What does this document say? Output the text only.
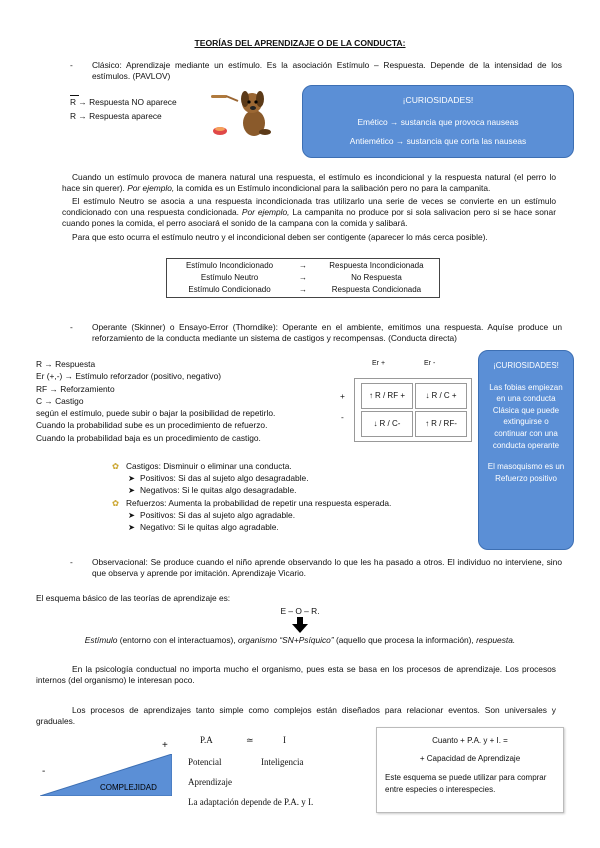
TEORÍAS DEL APRENDIZAJE O DE LA CONDUCTA:
- Clásico: Aprendizaje mediante un estímulo. Es la asociación Estímulo – Respuesta. Depende de la intensidad de los estímulos. (PAVLOV)
R → Respuesta NO aparece
R → Respuesta aparece
¡CURIOSIDADES!
Emético → sustancia que provoca nauseas
Antiemético → sustancia que corta las nauseas
Cuando un estímulo provoca de manera natural una respuesta, el estímulo es incondicional y la respuesta natural (el perro lo hace sin querer). Por ejemplo, la comida es un Estímulo incondicional para la salibación pero no para la campanita.
El estímulo Neutro se asocia a una respuesta incondicionada tras utilizarlo una serie de veces se convierte en un estímulo condicionado con una respuesta condicionada. Por ejemplo, La campanita no produce por si sola salivacion pero si se hace sonar cuando pones la comida, el perro asociará el sonido de la campana con la comida y salibará.
Para que esto ocurra el estímulo neutro y el incondicional deben ser contigente (aparecer lo más cerca posible).
Estímulo Incondicionado	→	Respuesta Incondicionada
Estímulo Neutro	→	No Respuesta
Estímulo Condicionado	→	Respuesta Condicionada
- Operante (Skinner) o Ensayo-Error (Thorndike): Operante en el ambiente, emitimos una respuesta. Aquíse produce un reforzamiento de la conducta mediante un sistema de castigos y recompensas. (Conducta directa)
R → Respuesta
Er (+,-) → Estímulo reforzador (positivo, negativo)
RF → Reforzamiento
C → Castigo
según el estímulo, puede subir o bajar la posibilidad de repetirlo.
Cuando la probabilidad sube es un procedimiento de refuerzo.
Cuando la probabilidad baja es un procedimiento de castigo.
Er +	Er -
+
-
↑ R / RF +	↓ R / C +
↓ R / C-	↑ R / RF-
¡CURIOSIDADES!
Las fobias empiezan en una conducta Clásica que puede extinguirse o continuar con una conducta operante
El masoquismo es un Refuerzo positivo
✿ Castigos: Disminuir o eliminar una conducta.
➤ Positivos: Si das al sujeto algo desagradable.
➤ Negativos: Si le quitas algo desagradable.
✿ Refuerzos: Aumenta la probabilidad de repetir una respuesta esperada.
➤ Positivos: Si das al sujeto algo agradable.
➤ Negativo: Si le quitas algo agradable.
- Observacional: Se produce cuando el niño aprende observando lo que les ha pasado a otros. El individuo no interviene, sino que observa y aprende por imitación. Aprendizaje Vicario.
El esquema básico de las teorías de aprendizaje es:
E – O – R.
Estímulo (entorno con el interactuamos), organismo “SN+Psíquico” (aquello que procesa la información), respuesta.
En la psicología conductual no importa mucho el organismo, pues esta se basa en los procesos de aprendizaje. Los procesos internos (del organismo) le interesan poco.
Los procesos de aprendizajes tanto simple como complejos están diseñados para relacionar eventos. Son universales y graduales.
+
-
COMPLEJIDAD
P.A	≃	I
Potencial	Inteligencia
Aprendizaje
La adaptación depende de P.A. y I.
Cuanto + P.A. y + I. =
+ Capacidad de Aprendizaje
Este esquema se puede utilizar para comprar entre especies o interespecies.
